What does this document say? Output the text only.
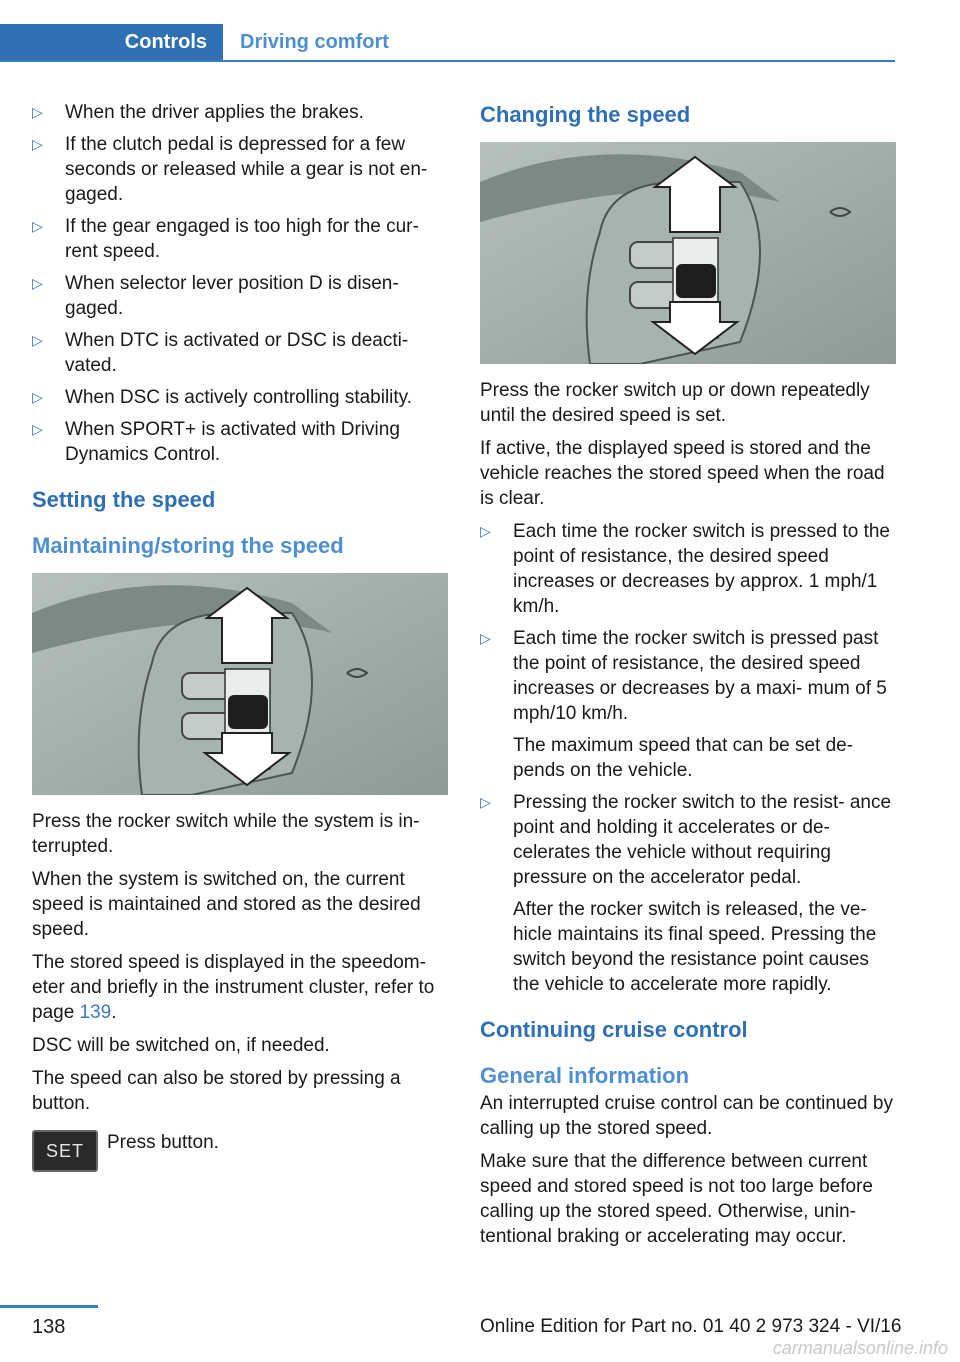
Controls	Driving comfort
▷ When the driver applies the brakes.
▷ If the clutch pedal is depressed for a few seconds or released while a gear is not en‐ gaged.
▷ If the gear engaged is too high for the cur‐ rent speed.
▷ When selector lever position D is disen‐ gaged.
▷ When DTC is activated or DSC is deacti‐ vated.
▷ When DSC is actively controlling stability.
▷ When SPORT+ is activated with Driving Dynamics Control.
Setting the speed
Maintaining/storing the speed

Press the rocker switch while the system is in‐ terrupted.

When the system is switched on, the current speed is maintained and stored as the desired speed.

The stored speed is displayed in the speedom‐ eter and briefly in the instrument cluster, refer to page 139.

DSC will be switched on, if needed.

The speed can also be stored by pressing a button.

SET	Press button.
Changing the speed

Press the rocker switch up or down repeatedly until the desired speed is set.

If active, the displayed speed is stored and the vehicle reaches the stored speed when the road is clear.

▷ Each time the rocker switch is pressed to the point of resistance, the desired speed increases or decreases by approx. 1 mph/1 km/h.
▷ Each time the rocker switch is pressed past the point of resistance, the desired speed increases or decreases by a maxi‐ mum of 5 mph/10 km/h.

The maximum speed that can be set de‐ pends on the vehicle.

▷ Pressing the rocker switch to the resist‐ ance point and holding it accelerates or de‐ celerates the vehicle without requiring pressure on the accelerator pedal.

After the rocker switch is released, the ve‐ hicle maintains its final speed. Pressing the switch beyond the resistance point causes the vehicle to accelerate more rapidly.

Continuing cruise control
General information

An interrupted cruise control can be continued by calling up the stored speed.

Make sure that the difference between current speed and stored speed is not too large before calling up the stored speed. Otherwise, unin‐ tentional braking or accelerating may occur.

138	Online Edition for Part no. 01 40 2 973 324 - VI/16
carmanualsonline.info
